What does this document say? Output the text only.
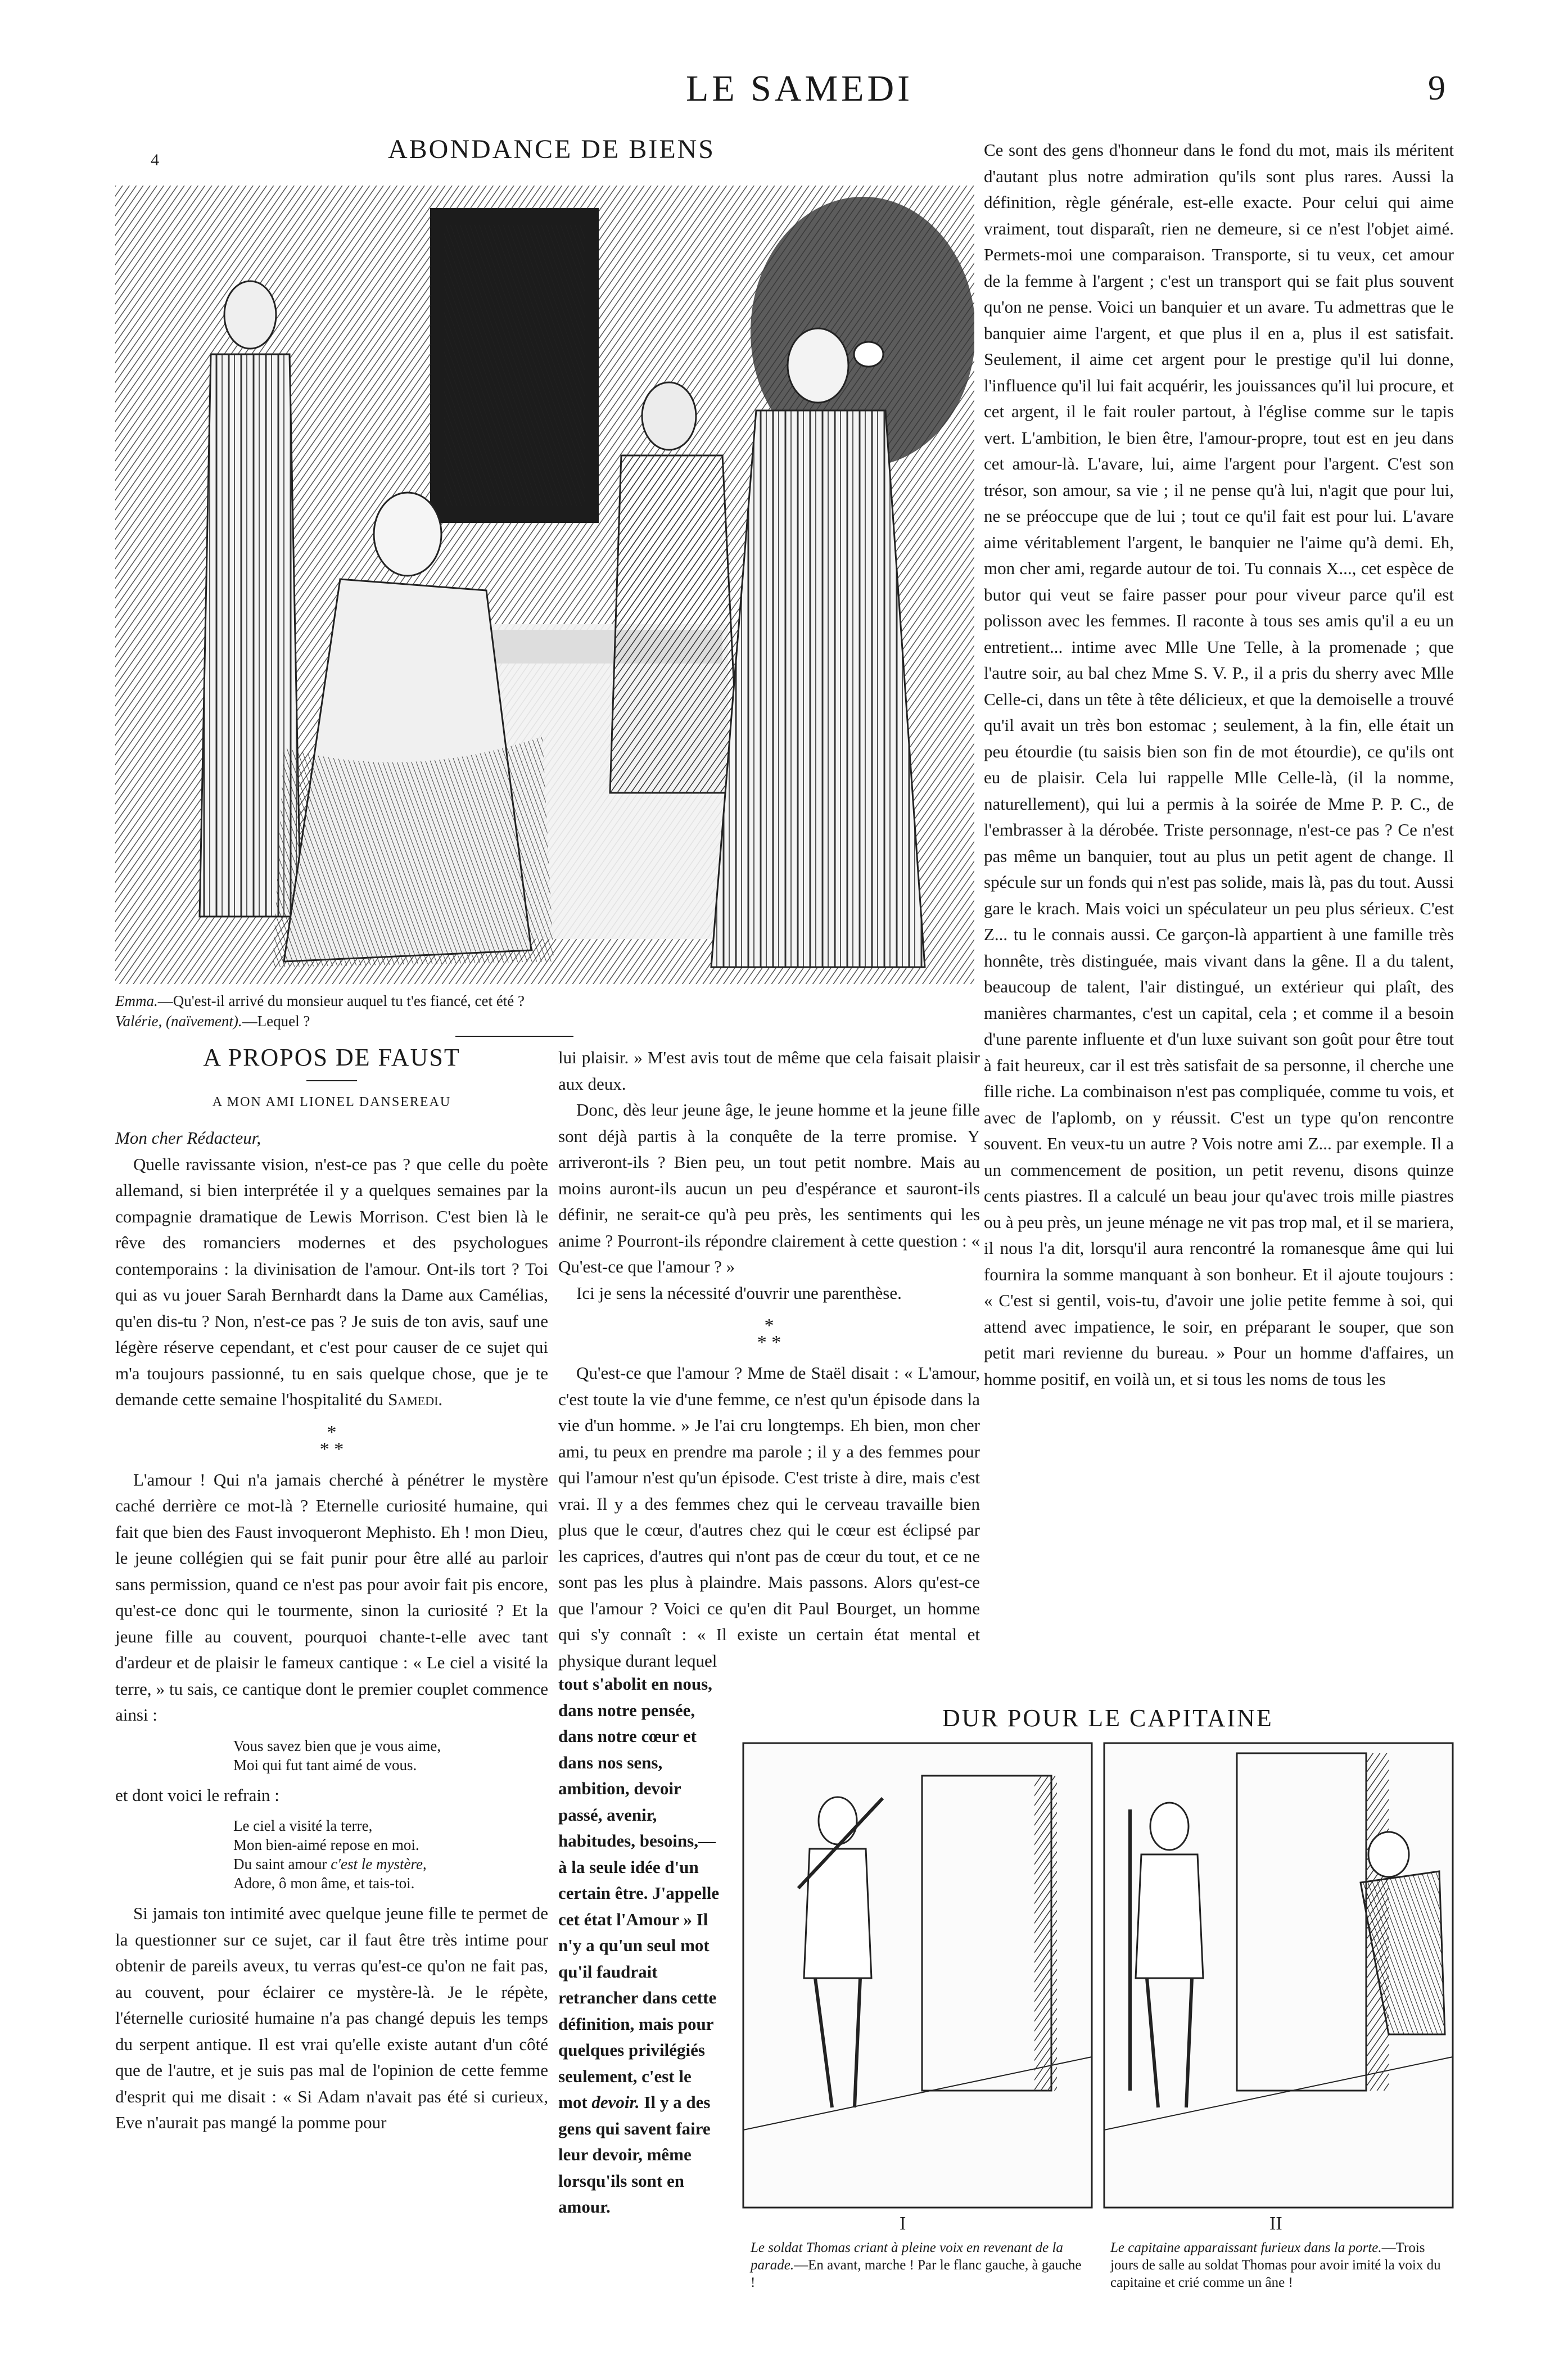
LE SAMEDI	9
4	ABONDANCE DE BIENS
Emma.—Qu'est-il arrivé du monsieur auquel tu t'es fiancé, cet été ?
Valérie, (naïvement).—Lequel ?
A PROPOS DE FAUST
A MON AMI LIONEL DANSEREAU

Mon cher Rédacteur,

Quelle ravissante vision, n'est-ce pas ? que celle du poète allemand, si bien interprétée il y a quelques semaines par la compagnie dramatique de Lewis Morrison. C'est bien là le rêve des romanciers modernes et des psychologues contemporains : la divinisation de l'amour. Ont-ils tort ? Toi qui as vu jouer Sarah Bernhardt dans la Dame aux Camélias, qu'en dis-tu ? Non, n'est-ce pas ? Je suis de ton avis, sauf une légère réserve cependant, et c'est pour causer de ce sujet qui m'a toujours passionné, tu en sais quelque chose, que je te demande cette semaine l'hospitalité du Samedi.

*
* *

L'amour ! Qui n'a jamais cherché à pénétrer le mystère caché derrière ce mot-là ? Eternelle curiosité humaine, qui fait que bien des Faust invoqueront Mephisto. Eh ! mon Dieu, le jeune collégien qui se fait punir pour être allé au parloir sans permission, quand ce n'est pas pour avoir fait pis encore, qu'est-ce donc qui le tourmente, sinon la curiosité ? Et la jeune fille au couvent, pourquoi chante-t-elle avec tant d'ardeur et de plaisir le fameux cantique : « Le ciel a visité la terre, » tu sais, ce cantique dont le premier couplet commence ainsi :

Vous savez bien que je vous aime,
Moi qui fut tant aimé de vous.

et dont voici le refrain :

Le ciel a visité la terre,
Mon bien-aimé repose en moi.
Du saint amour c'est le mystère,
Adore, ô mon âme, et tais-toi.

Si jamais ton intimité avec quelque jeune fille te permet de la questionner sur ce sujet, car il faut être très intime pour obtenir de pareils aveux, tu verras qu'est-ce qu'on ne fait pas, au couvent, pour éclairer ce mystère-là. Je le répète, l'éternelle curiosité humaine n'a pas changé depuis les temps du serpent antique. Il est vrai qu'elle existe autant d'un côté que de l'autre, et je suis pas mal de l'opinion de cette femme d'esprit qui me disait : « Si Adam n'avait pas été si curieux, Eve n'aurait pas mangé la pomme pour

lui plaisir. » M'est avis tout de même que cela faisait plaisir aux deux.

Donc, dès leur jeune âge, le jeune homme et la jeune fille sont déjà partis à la conquête de la terre promise. Y arriveront-ils ? Bien peu, un tout petit nombre. Mais au moins auront-ils aucun un peu d'espérance et sauront-ils définir, ne serait-ce qu'à peu près, les sentiments qui les anime ? Pourront-ils répondre clairement à cette question : « Qu'est-ce que l'amour ? »

Ici je sens la nécessité d'ouvrir une parenthèse.

*
* *

Qu'est-ce que l'amour ? Mme de Staël disait : « L'amour, c'est toute la vie d'une femme, ce n'est qu'un épisode dans la vie d'un homme. » Je l'ai cru longtemps. Eh bien, mon cher ami, tu peux en prendre ma parole ; il y a des femmes pour qui l'amour n'est qu'un épisode. C'est triste à dire, mais c'est vrai. Il y a des femmes chez qui le cerveau travaille bien plus que le cœur, d'autres chez qui le cœur est éclipsé par les caprices, d'autres qui n'ont pas de cœur du tout, et ce ne sont pas les plus à plaindre. Mais passons. Alors qu'est-ce que l'amour ? Voici ce qu'en dit Paul Bourget, un homme qui s'y connaît : « Il existe un certain état mental et physique durant lequel

tout s'abolit en nous, dans notre pensée, dans notre cœur et dans nos sens, ambition, devoir passé, avenir, habitudes, besoins,— à la seule idée d'un certain être. J'appelle cet état l'Amour » Il n'y a qu'un seul mot qu'il faudrait retrancher dans cette définition, mais pour quelques privilégiés seulement, c'est le mot devoir. Il y a des gens qui savent faire leur devoir, même lorsqu'ils sont en amour.

Ce sont des gens d'honneur dans le fond du mot, mais ils méritent d'autant plus notre admiration qu'ils sont plus rares. Aussi la définition, règle générale, est-elle exacte. Pour celui qui aime vraiment, tout disparaît, rien ne demeure, si ce n'est l'objet aimé. Permets-moi une comparaison. Transporte, si tu veux, cet amour de la femme à l'argent ; c'est un transport qui se fait plus souvent qu'on ne pense. Voici un banquier et un avare. Tu admettras que le banquier aime l'argent, et que plus il en a, plus il est satisfait. Seulement, il aime cet argent pour le prestige qu'il lui donne, l'influence qu'il lui fait acquérir, les jouissances qu'il lui procure, et cet argent, il le fait rouler partout, à l'église comme sur le tapis vert. L'ambition, le bien être, l'amour-propre, tout est en jeu dans cet amour-là. L'avare, lui, aime l'argent pour l'argent. C'est son trésor, son amour, sa vie ; il ne pense qu'à lui, n'agit que pour lui, ne se préoccupe que de lui ; tout ce qu'il fait est pour lui. L'avare aime véritablement l'argent, le banquier ne l'aime qu'à demi. Eh, mon cher ami, regarde autour de toi. Tu connais X..., cet espèce de butor qui veut se faire passer pour pour viveur parce qu'il est polisson avec les femmes. Il raconte à tous ses amis qu'il a eu un entretient... intime avec Mlle Une Telle, à la promenade ; que l'autre soir, au bal chez Mme S. V. P., il a pris du sherry avec Mlle Celle-ci, dans un tête à tête délicieux, et que la demoiselle a trouvé qu'il avait un très bon estomac ; seulement, à la fin, elle était un peu étourdie (tu saisis bien son fin de mot étourdie), ce qu'ils ont eu de plaisir. Cela lui rappelle Mlle Celle-là, (il la nomme, naturellement), qui lui a permis à la soirée de Mme P. P. C., de l'embrasser à la dérobée. Triste personnage, n'est-ce pas ? Ce n'est pas même un banquier, tout au plus un petit agent de change. Il spécule sur un fonds qui n'est pas solide, mais là, pas du tout. Aussi gare le krach. Mais voici un spéculateur un peu plus sérieux. C'est Z... tu le connais aussi. Ce garçon-là appartient à une famille très honnête, très distinguée, mais vivant dans la gêne. Il a du talent, beaucoup de talent, l'air distingué, un extérieur qui plaît, des manières charmantes, c'est un capital, cela ; et comme il a besoin d'une parente influente et d'un luxe suivant son goût pour être tout à fait heureux, car il est très satisfait de sa personne, il cherche une fille riche. La combinaison n'est pas compliquée, comme tu vois, et avec de l'aplomb, on y réussit. C'est un type qu'on rencontre souvent. En veux-tu un autre ? Vois notre ami Z... par exemple. Il a un commencement de position, un petit revenu, disons quinze cents piastres. Il a calculé un beau jour qu'avec trois mille piastres ou à peu près, un jeune ménage ne vit pas trop mal, et il se mariera, il nous l'a dit, lorsqu'il aura rencontré la romanesque âme qui lui fournira la somme manquant à son bonheur. Et il ajoute toujours : « C'est si gentil, vois-tu, d'avoir une jolie petite femme à soi, qui attend avec impatience, le soir, en préparant le souper, que son petit mari revienne du bureau. » Pour un homme d'affaires, un homme positif, en voilà un, et si tous les noms de tous les

DUR POUR LE CAPITAINE
I	II
Le soldat Thomas criant à pleine voix en revenant de la parade.—En avant, marche ! Par le flanc gauche, à gauche !
Le capitaine apparaissant furieux dans la porte.—Trois jours de salle au soldat Thomas pour avoir imité la voix du capitaine et crié comme un âne !
